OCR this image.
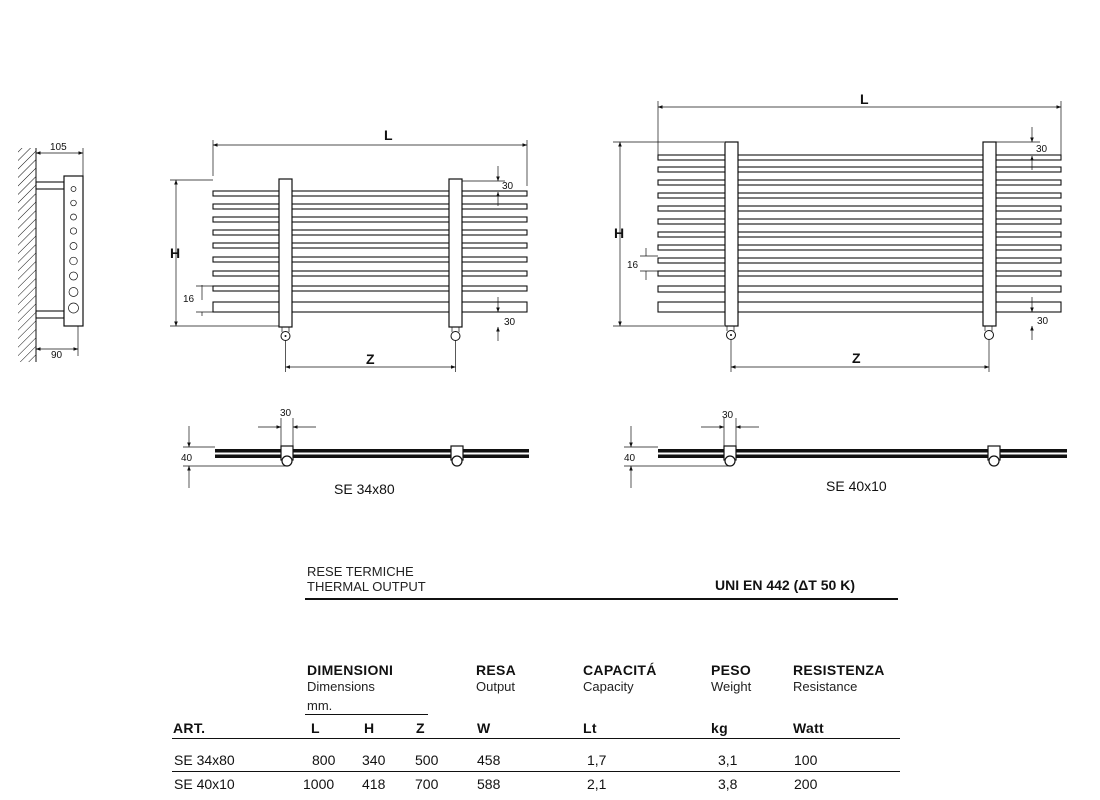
105
90
L
H
30
30
16
Z
30
40
SE 34x80
L
H
30
30
16
Z
30
40
SE 40x10
RESE TERMICHE
THERMAL OUTPUT	UNI EN 442 (ΔT 50 K)
DIMENSIONI
Dimensions
mm.
RESA
Output
CAPACITÁ
Capacity
PESO
Weight
RESISTENZA
Resistance
ART.	L	H	Z	W	Lt	kg	Watt
SE 34x80	800 340 500	458	1,7	3,1	100
SE 40x10	1000 418 700	588	2,1	3,8	200
